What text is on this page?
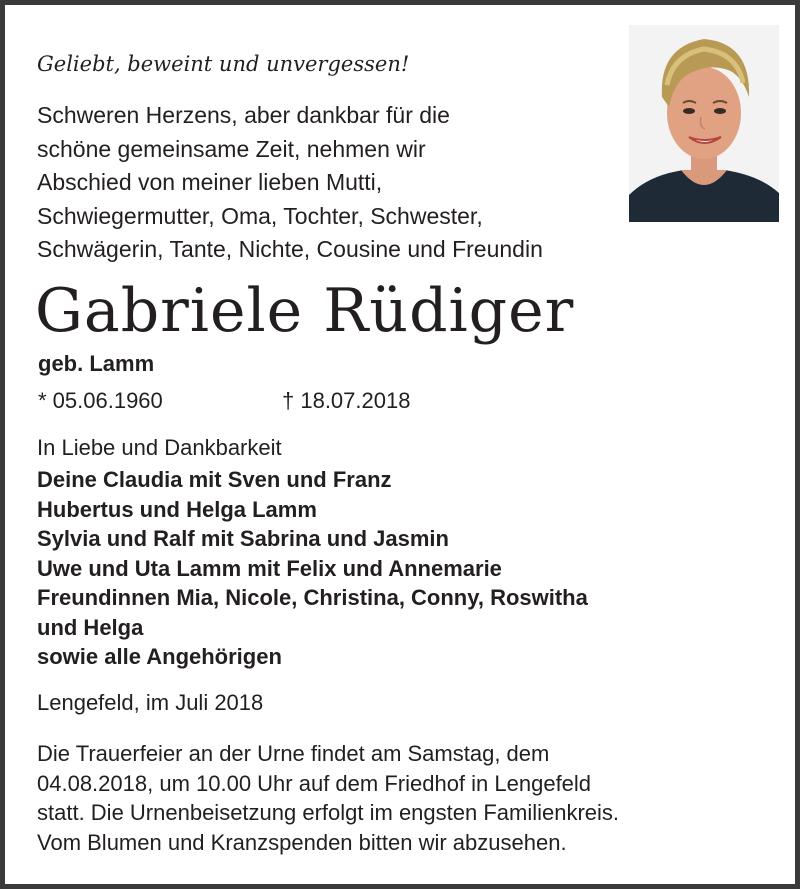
Geliebt, beweint und unvergessen!
Schweren Herzens, aber dankbar für die
schöne gemeinsame Zeit, nehmen wir
Abschied von meiner lieben Mutti,
Schwiegermutter, Oma, Tochter, Schwester,
Schwägerin, Tante, Nichte, Cousine und Freundin
Gabriele Rüdiger
geb. Lamm
* 05.06.1960	† 18.07.2018
In Liebe und Dankbarkeit
Deine Claudia mit Sven und Franz
Hubertus und Helga Lamm
Sylvia und Ralf mit Sabrina und Jasmin
Uwe und Uta Lamm mit Felix und Annemarie
Freundinnen Mia, Nicole, Christina, Conny, Roswitha
und Helga
sowie alle Angehörigen
Lengefeld, im Juli 2018
Die Trauerfeier an der Urne findet am Samstag, dem
04.08.2018, um 10.00 Uhr auf dem Friedhof in Lengefeld
statt. Die Urnenbeisetzung erfolgt im engsten Familienkreis.
Vom Blumen und Kranzspenden bitten wir abzusehen.
